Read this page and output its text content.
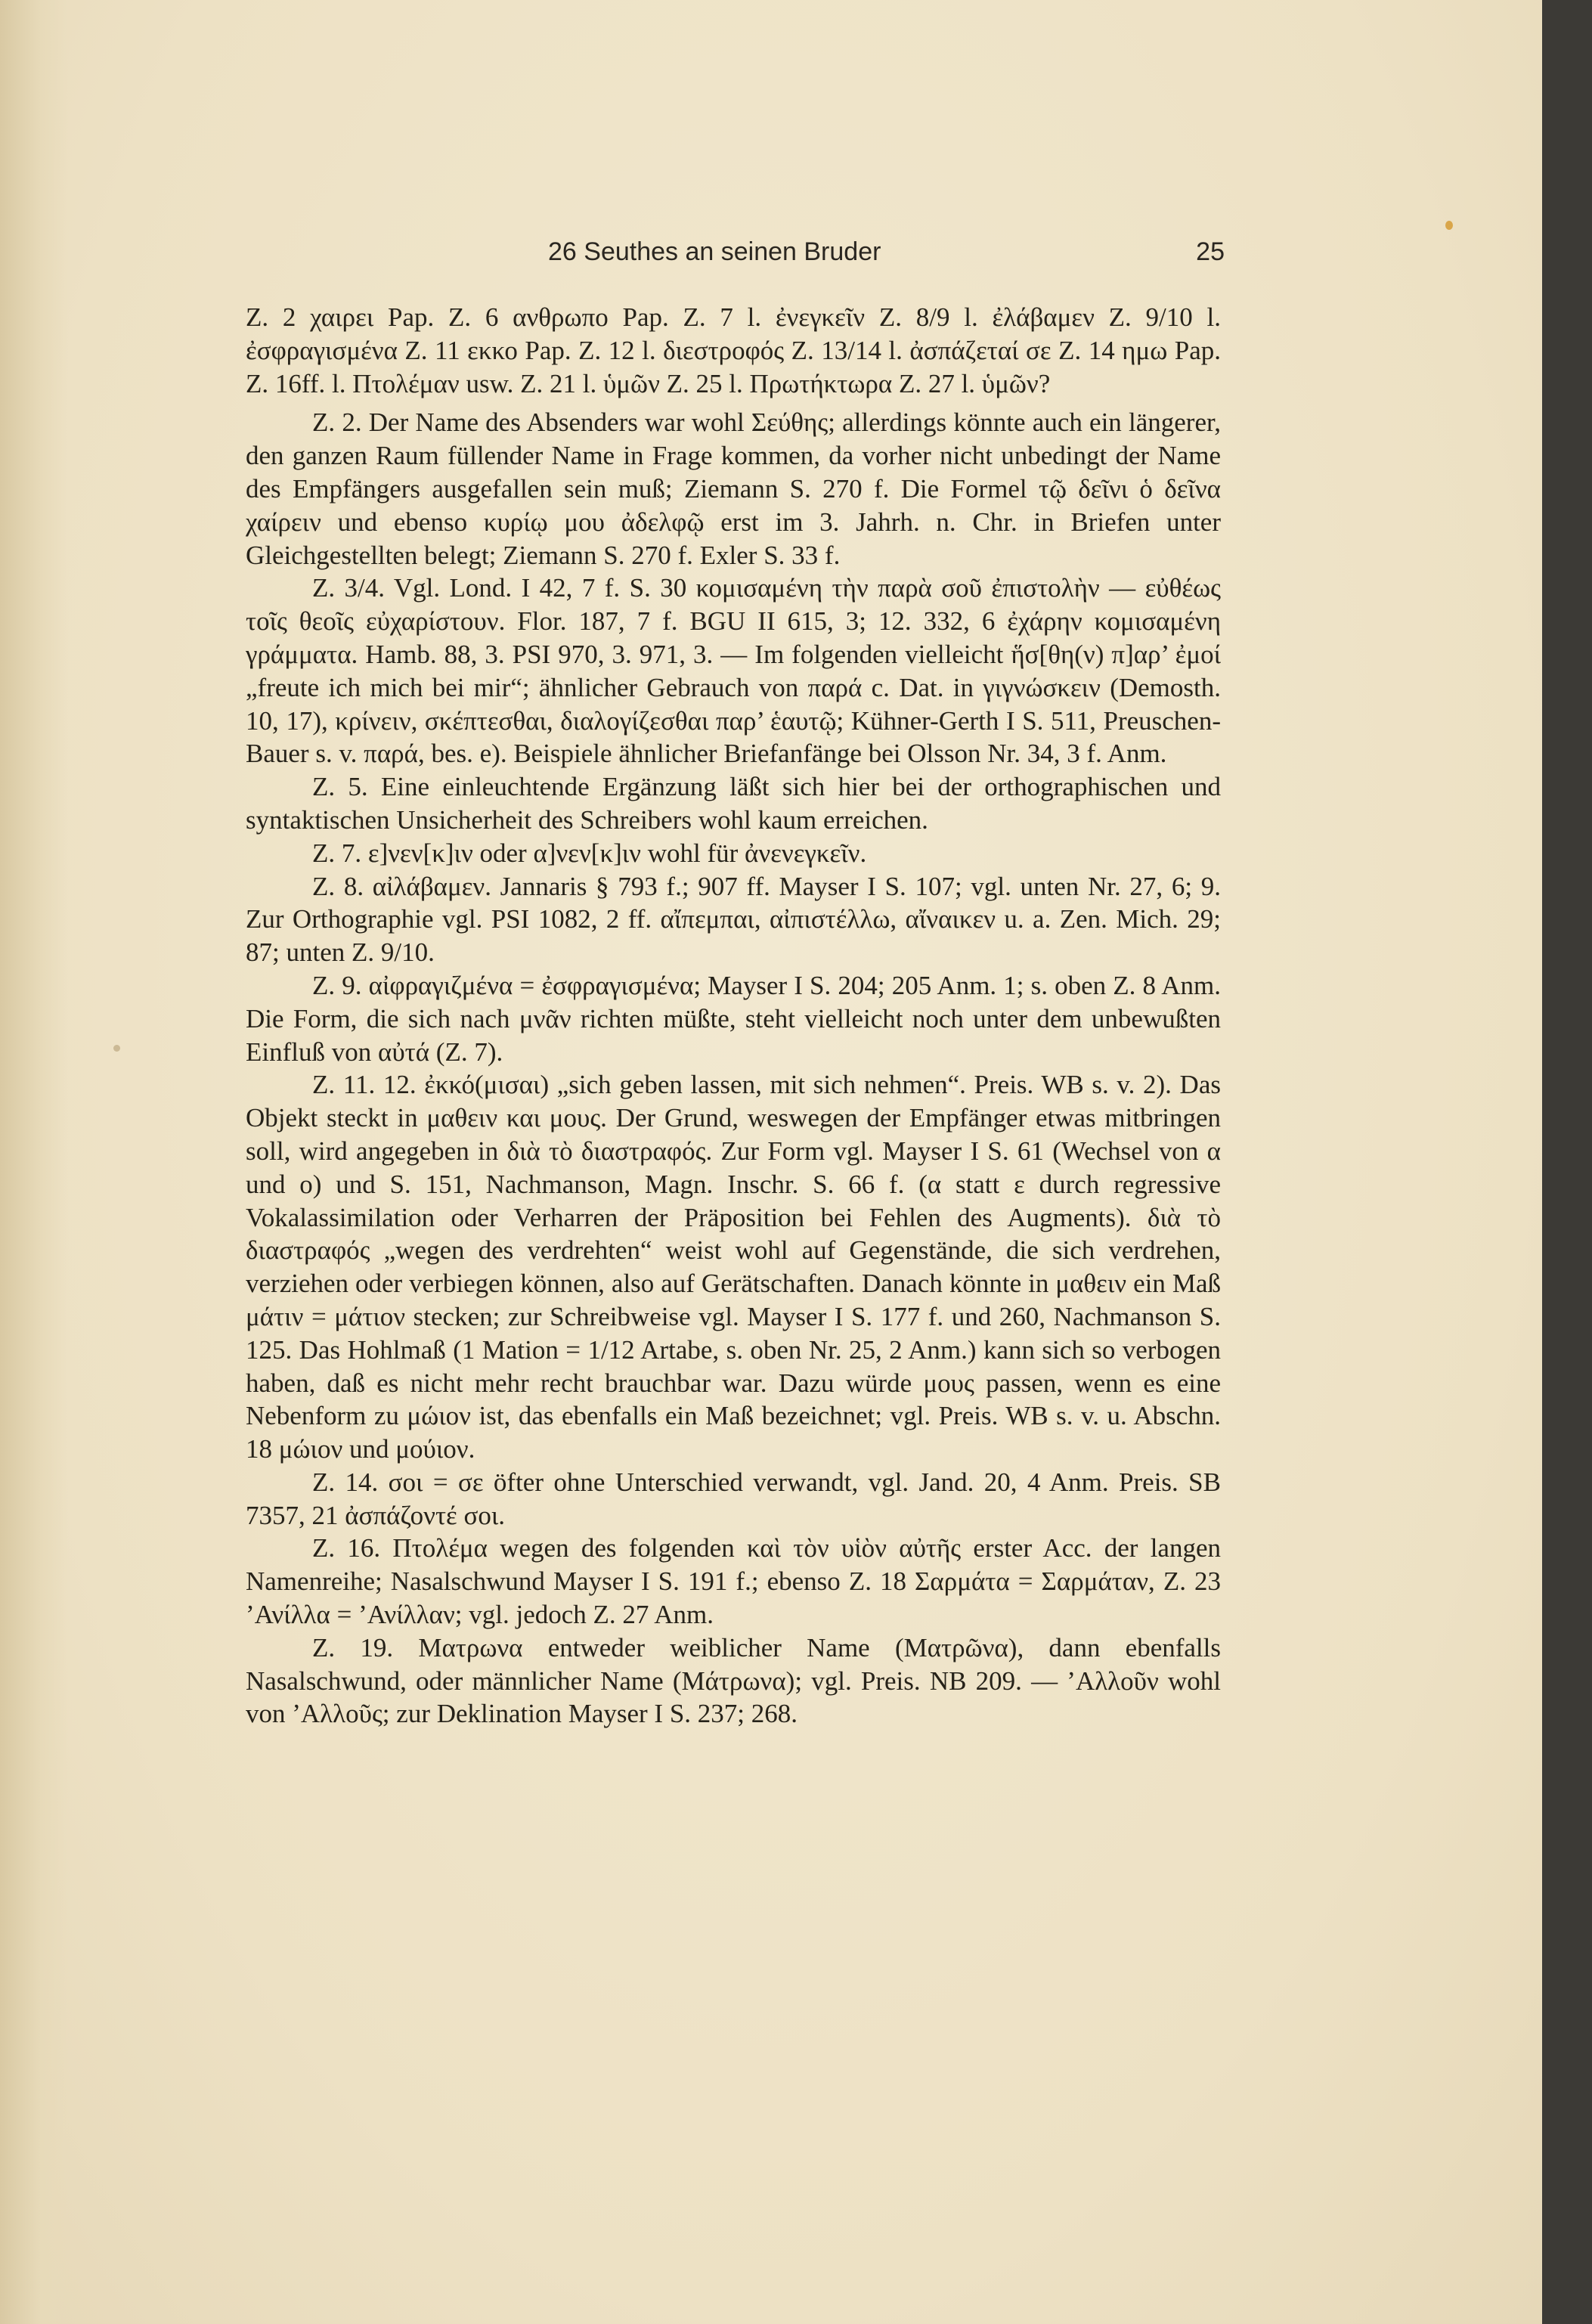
26 Seuthes an seinen Bruder	25

Z. 2 χαιρει Pap. Z. 6 ανθρωπο Pap. Z. 7 l. ἐνεγκεῖν Z. 8/9 l. ἐλάβαμεν Z. 9/10 l. ἐσφραγισμένα Z. 11 εκκο Pap. Z. 12 l. διεστροφός Z. 13/14 l. ἀσπάζεταί σε Z. 14 ημω Pap. Z. 16ff. l. Πτολέμαν usw. Z. 21 l. ὑμῶν Z. 25 l. Πρωτήκτωρα Z. 27 l. ὑμῶν?

Z. 2. Der Name des Absenders war wohl Σεύθης; allerdings könnte auch ein längerer, den ganzen Raum füllender Name in Frage kommen, da vorher nicht unbedingt der Name des Empfängers ausgefallen sein muß; Ziemann S. 270 f. Die Formel τῷ δεῖνι ὁ δεῖνα χαίρειν und ebenso κυρίῳ μου ἀδελφῷ erst im 3. Jahrh. n. Chr. in Briefen unter Gleichgestellten belegt; Ziemann S. 270 f. Exler S. 33 f.

Z. 3/4. Vgl. Lond. I 42, 7 f. S. 30 κομισαμένη τὴν παρὰ σοῦ ἐπιστολὴν — εὐθέως τοῖς θεοῖς εὐχαρίστουν. Flor. 187, 7 f. BGU II 615, 3; 12. 332, 6 ἐχάρην κομισαμένη γράμματα. Hamb. 88, 3. PSI 970, 3. 971, 3. — Im folgenden vielleicht ἥσ[θη(ν) π]αρ’ ἐμοί „freute ich mich bei mir“; ähnlicher Gebrauch von παρά c. Dat. in γιγνώσκειν (Demosth. 10, 17), κρίνειν, σκέπτεσθαι, διαλογίζεσθαι παρ’ ἑαυτῷ; Kühner-Gerth I S. 511, Preuschen-Bauer s. v. παρά, bes. e). Beispiele ähnlicher Briefanfänge bei Olsson Nr. 34, 3 f. Anm.

Z. 5. Eine einleuchtende Ergänzung läßt sich hier bei der orthographischen und syntaktischen Unsicherheit des Schreibers wohl kaum erreichen.

Z. 7. ε]νεν[κ]ιν oder α]νεν[κ]ιν wohl für ἀνενεγκεῖν.

Z. 8. αἰλάβαμεν. Jannaris § 793 f.; 907 ff. Mayser I S. 107; vgl. unten Nr. 27, 6; 9. Zur Orthographie vgl. PSI 1082, 2 ff. αἴπεμπαι, αἰπιστέλλω, αἴναικεν u. a. Zen. Mich. 29; 87; unten Z. 9/10.

Z. 9. αἰφραγιζμένα = ἐσφραγισμένα; Mayser I S. 204; 205 Anm. 1; s. oben Z. 8 Anm. Die Form, die sich nach μνᾶν richten müßte, steht vielleicht noch unter dem unbewußten Einfluß von αὐτά (Z. 7).

Z. 11. 12. ἐκκό(μισαι) „sich geben lassen, mit sich nehmen“. Preis. WB s. v. 2). Das Objekt steckt in μαθειν και μους. Der Grund, weswegen der Empfänger etwas mitbringen soll, wird angegeben in διὰ τὸ διαστραφός. Zur Form vgl. Mayser I S. 61 (Wechsel von α und ο) und S. 151, Nachmanson, Magn. Inschr. S. 66 f. (α statt ε durch regressive Vokalassimilation oder Verharren der Präposition bei Fehlen des Augments). διὰ τὸ διαστραφός „wegen des verdrehten“ weist wohl auf Gegenstände, die sich verdrehen, verziehen oder verbiegen können, also auf Gerätschaften. Danach könnte in μαθειν ein Maß μάτιν = μάτιον stecken; zur Schreibweise vgl. Mayser I S. 177 f. und 260, Nachmanson S. 125. Das Hohlmaß (1 Mation = 1/12 Artabe, s. oben Nr. 25, 2 Anm.) kann sich so verbogen haben, daß es nicht mehr recht brauchbar war. Dazu würde μους passen, wenn es eine Nebenform zu μώιον ist, das ebenfalls ein Maß bezeichnet; vgl. Preis. WB s. v. u. Abschn. 18 μώιον und μούιον.

Z. 14. σοι = σε öfter ohne Unterschied verwandt, vgl. Jand. 20, 4 Anm. Preis. SB 7357, 21 ἀσπάζοντέ σοι.

Z. 16. Πτολέμα wegen des folgenden καὶ τὸν υἱὸν αὐτῆς erster Acc. der langen Namenreihe; Nasalschwund Mayser I S. 191 f.; ebenso Z. 18 Σαρμάτα = Σαρμάταν, Z. 23 ’Ανίλλα = ’Ανίλλαν; vgl. jedoch Z. 27 Anm.

Z. 19. Ματρωνα entweder weiblicher Name (Ματρῶνα), dann ebenfalls Nasalschwund, oder männlicher Name (Μάτρωνα); vgl. Preis. NB 209. — ’Αλλοῦν wohl von ’Αλλοῦς; zur Deklination Mayser I S. 237; 268.
